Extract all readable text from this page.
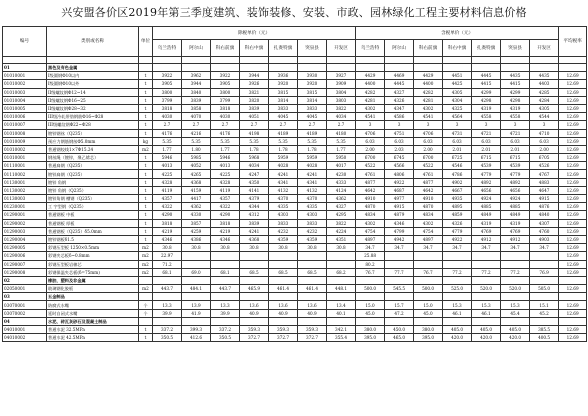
兴安盟各价区2019年第三季度建筑、装饰装修、安装、市政、园林绿化工程主要材料信息价格
编号	类别或名称	单位	除税单价（元）							含税单价（元）							平均税率
			乌兰浩特	阿尔山	科右前旗	科右中旗	扎赉特旗	突泉县	开发区	乌兰浩特	阿尔山	科右前旗	科右中旗	扎赉特旗	突泉县	开发区	

01	黑色及有色金属																
01010001	I级圆钢Φ10以内	t	3922	3962	3922	3944	3936	3930	3927	4429	4469	4429	4451	4445	4435	4435	12.69
01010002	I级圆钢Φ10以外	t	3905	3944	3905	3926	3920	3920	3909	4400	4445	4400	4425	4415	4415	4403	12.69
01010003	II级螺纹钢Φ12~14	t	3800	3840	3800	3821	3815	3815	3804	4282	4327	4282	4305	4299	4299	4285	12.69
01010004	II级螺纹钢Φ16~25	t	3799	3839	3799	3820	3814	3814	3803	4281	4326	4281	4304	4298	4298	4284	12.69
01010005	II级螺纹钢Φ28~32	t	3818	3858	3818	3839	3833	3833	3822	4302	4347	4302	4325	4319	4319	4305	12.69
01010006	III级冷轧带肋钢筋Φ16~Φ28	t	4030	4070	4030	4051	4045	4045	4034	4541	4586	4541	4564	4558	4558	4544	12.69
01010007	III级螺纹钢Φ22~Φ28	t	2.7	2.7	2.7	2.7	2.7	2.7	2.7	3	3	3	3	3	3	3	12.69
01010008	镀锌钢丝（Q235）	t	4176	4216	4176	4198	4189	4189	4180	4706	4751	4706	4731	4721	4721	4710	12.69
01010009	预应力钢筋钢丝Φ5.0mm	kg	5.35	5.35	5.35	5.35	5.35	5.35	5.35	6.03	6.03	6.03	6.03	6.03	6.03	6.03	12.69
01010002	普通钢绞线1×7Φ15.24	m2	1.77	1.80	1.77	1.78	1.78	1.78	1.77	2.00	2.03	2.00	2.01	2.01	2.01	2.00	12.69
01010001	钢丝绳（镀锌，聚乙烯芯）	t	5946	5985	5946	5968	5959	5959	5950	6700	6745	6700	6725	6715	6715	6705	12.69
01110001	普通扁钢（Q235）	t	4013	4052	4013	4034	4028	4028	4017	4522	4566	4522	4546	4539	4539	4526	12.69
01110002	镀锌扁钢（Q235）	t	4225	4265	4225	4247	4241	4241	4230	4761	4806	4761	4786	4779	4779	4767	12.69
01130001	镀锌 角钢	t	4328	4368	4328	4350	4341	4341	4333	4877	4922	4877	4902	4892	4892	4883	12.69
01130002	镀锌 角钢（Q235）	t	4119	4159	4119	4141	4132	4132	4124	4642	4687	4642	4667	4656	4656	4647	12.69
01130003	镀锌角钢 槽钢（Q235）	t	4357	4417	4357	4379	4370	4370	4362	4910	4977	4910	4935	4924	4924	4915	12.69
01230001	工 字型钢（Q235）	t	4322	4362	4322	4344	4335	4335	4327	4870	4915	4870	4895	4885	4885	4876	12.69
01290001	普通钢板 中板	t	4290	4330	4290	4312	4303	4303	4295	4834	4879	4834	4859	4849	4849	4840	12.69
01290002	普通钢板 厚板	t	3818	3857	3818	3839	3833	3833	3822	4302	4346	4302	4326	4319	4319	4307	12.69
01290003	普通钢板（Q235）δ5.0mm	t	4219	4259	4219	4241	4232	4232	4224	4754	4799	4754	4779	4769	4769	4760	12.69
01290004	镀锌钢板δ1.5	t	4346	4386	4346	4368	4359	4359	4351	4897	4942	4897	4922	4912	4912	4903	12.69
01290005	彩钢压型板 1250×0.5mm	m2	30.8	30.8	30.8	30.8	30.8	30.8	30.8	34.7	34.7	34.7	34.7	34.7	34.7	34.7	12.69
01290006	彩钢夹芯板δ~0.8mm	m2	22.97							25.88							12.69
01290007	彩钢压型板岩棉芯	m2	71.2							80.2							12.69
01290008	彩钢保温夹芯板(δ=75mm)	m2	68.1	69.0	68.1	68.5	68.5	68.5	68.2	76.7	77.7	76.7	77.2	77.2	77.2	76.9	12.69
02	橡胶、塑料及非金属																
02050001	玻璃钢化胶板	m2	443.7	484.1	443.7	465.9	461.4	461.4	448.1	500.0	545.5	500.0	525.0	520.0	520.0	505.0	12.69
03	五金制品																
03070001	防腐式水嘴	个	13.3	13.9	13.3	13.6	13.6	13.6	13.4	15.0	15.7	15.0	15.3	15.3	15.3	15.1	12.69
03070002	延时自闭式水嘴	个	39.9	41.9	39.9	40.9	40.9	40.9	40.1	45.0	47.2	45.0	46.1	46.1	45.4	45.2	12.69
04	水泥、砖瓦灰砂石及混凝土制品																
04010001	普通水泥 32.5MPa	t	337.2	399.3	337.2	359.3	359.3	359.3	342.1	380.0	450.0	380.0	405.0	405.0	405.0	385.5	12.69
04010002	普通水泥 42.5MPa	t	350.5	412.6	350.5	372.7	372.7	372.7	355.4	395.0	465.0	395.0	420.0	420.0	420.0	400.5	12.69
